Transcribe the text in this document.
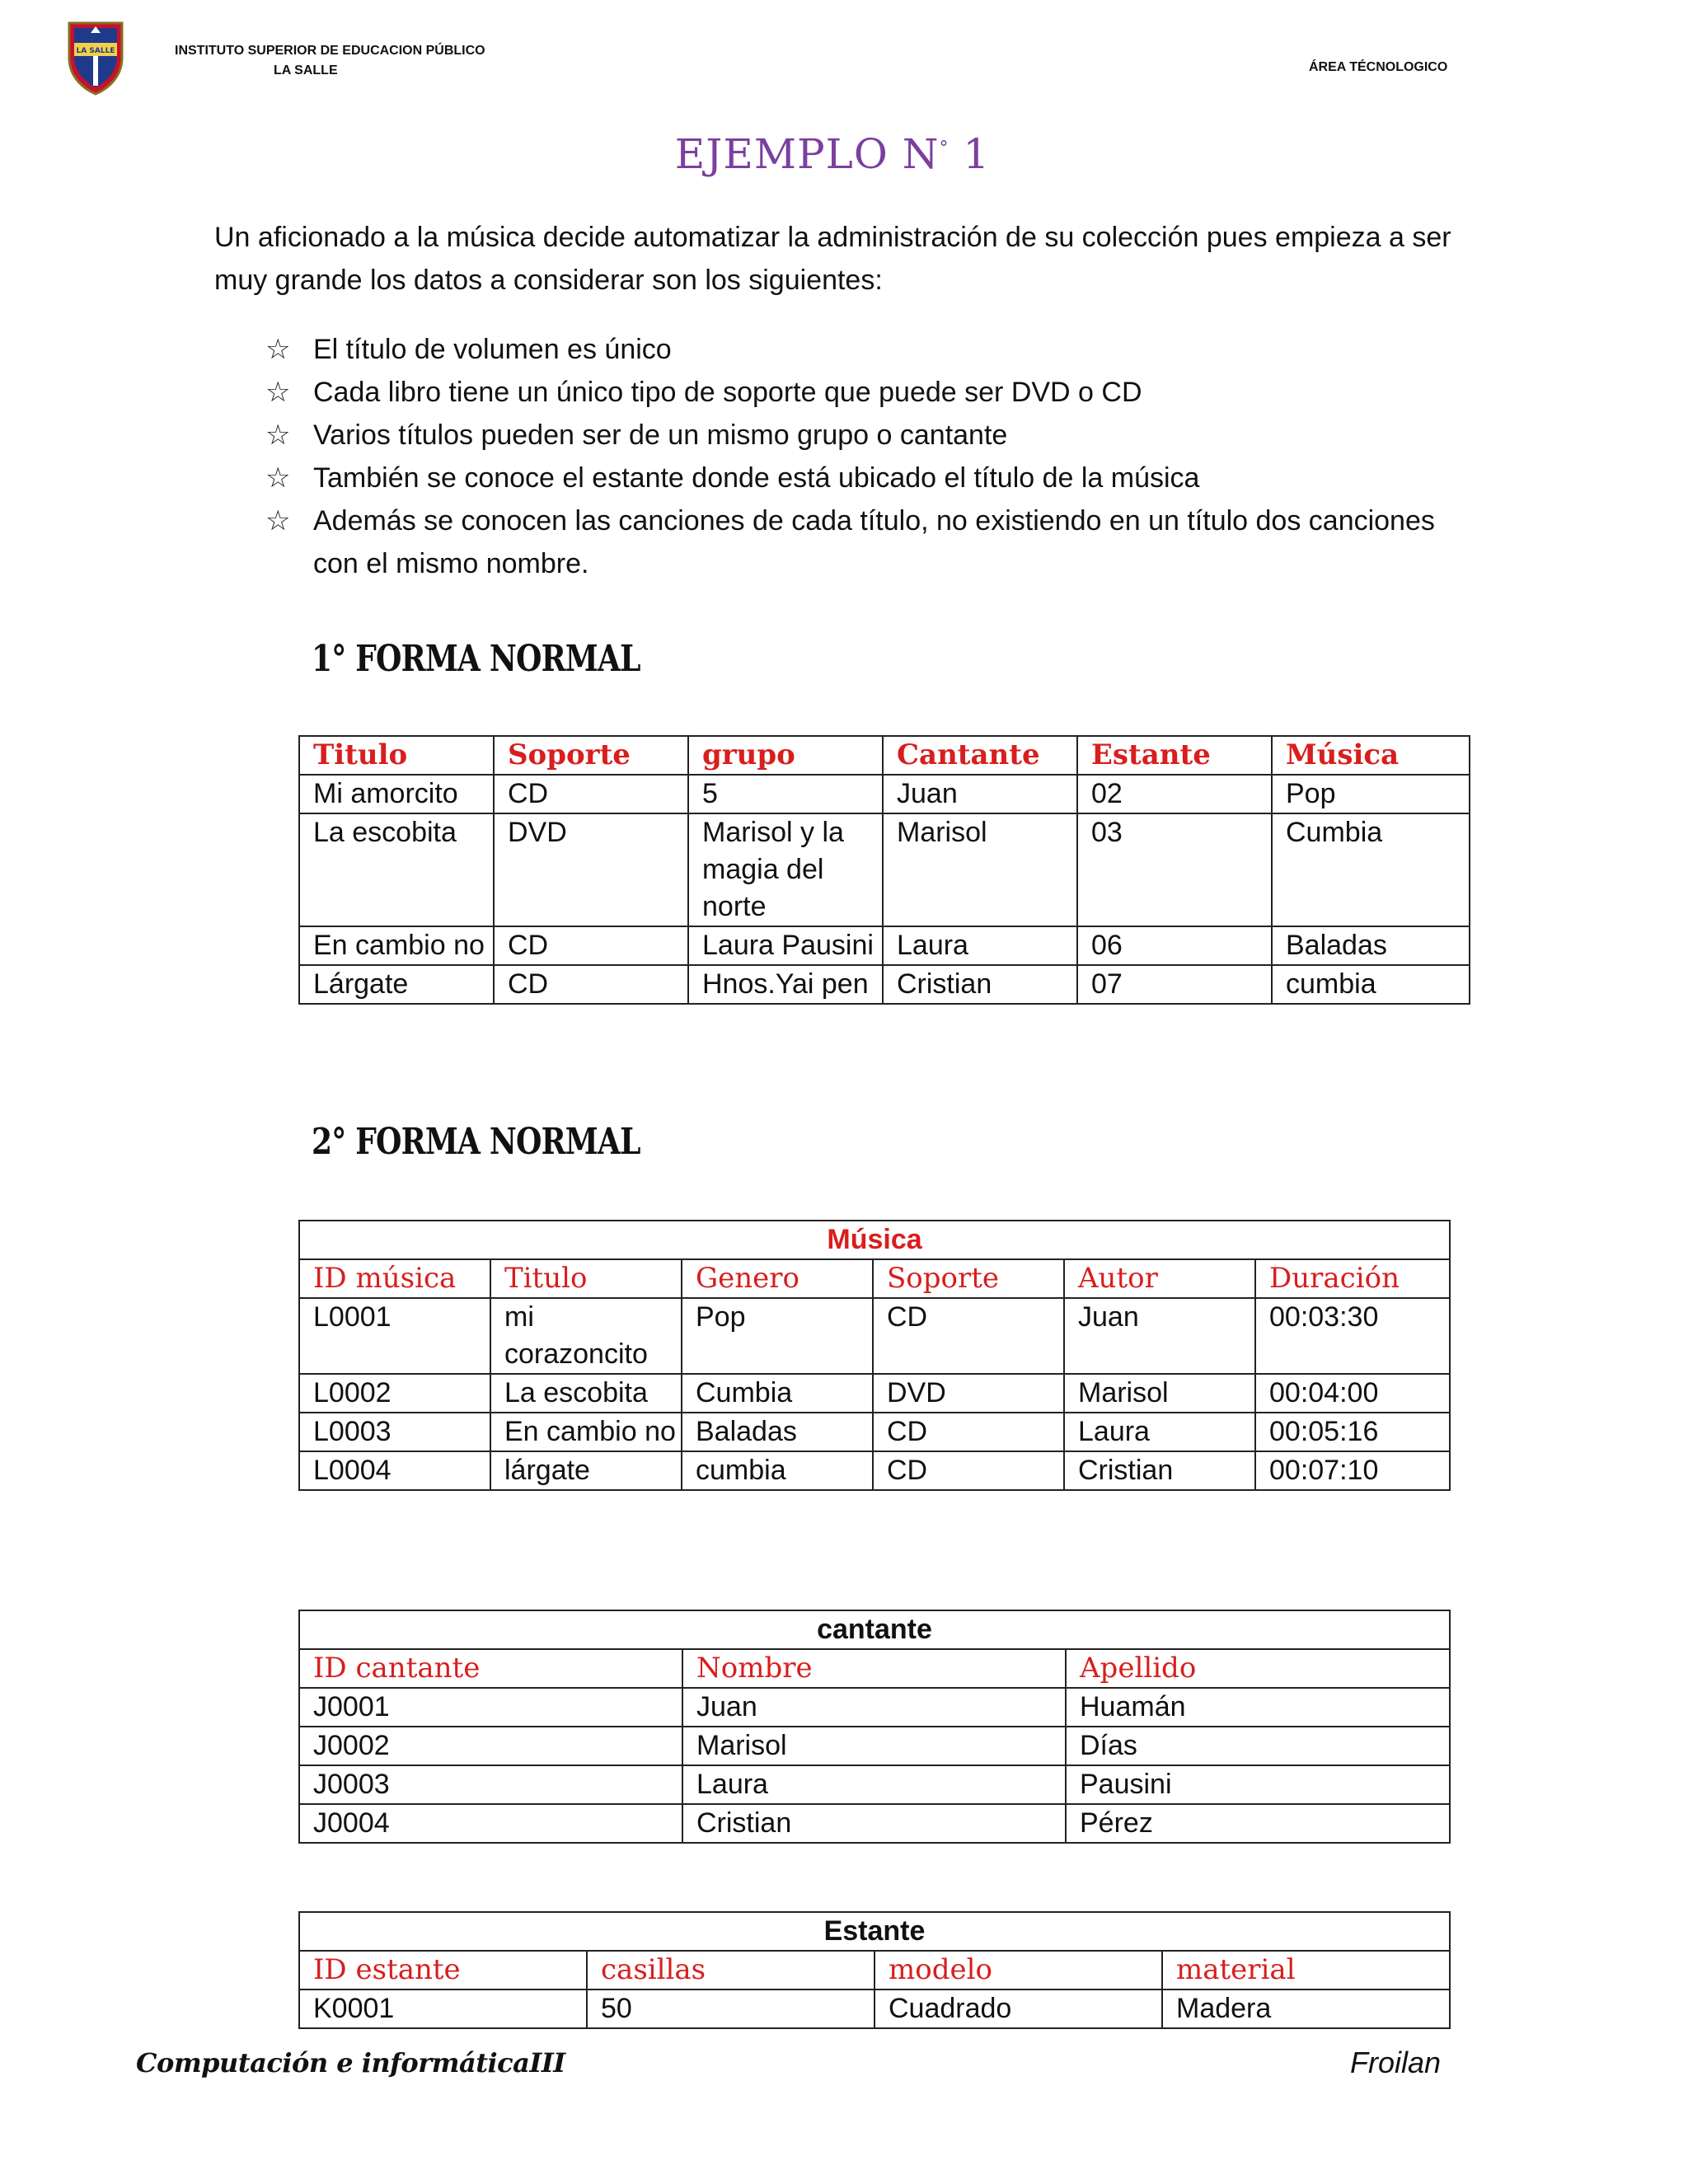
LA SALLE	INSTITUTO SUPERIOR DE EDUCACION PÚBLICO
LA SALLE	ÁREA TÉCNOLOGICO
EJEMPLO N° 1
Un aficionado a la música decide automatizar la administración de su colección pues empieza a ser muy grande los datos a considerar son los siguientes:
☆ El título de volumen es único
☆ Cada libro tiene un único tipo de soporte que puede ser DVD o CD
☆ Varios títulos pueden ser de un mismo grupo o cantante
☆ También se conoce el estante donde está ubicado el título de la música
☆ Además se conocen las canciones de cada título, no existiendo en un título dos canciones con el mismo nombre.
1° FORMA NORMAL
Titulo	Soporte	grupo	Cantante	Estante	Música
Mi amorcito	CD	5	Juan	02	Pop
La escobita	DVD	Marisol y la magia del norte	Marisol	03	Cumbia
En cambio no	CD	Laura Pausini	Laura	06	Baladas
Lárgate	CD	Hnos.Yai pen	Cristian	07	cumbia
2° FORMA NORMAL
Música					
ID música	Titulo	Genero	Soporte	Autor	Duración
L0001	mi corazoncito	Pop	CD	Juan	00:03:30
L0002	La escobita	Cumbia	DVD	Marisol	00:04:00
L0003	En cambio no	Baladas	CD	Laura	00:05:16
L0004	lárgate	cumbia	CD	Cristian	00:07:10
cantante		
ID cantante	Nombre	Apellido
J0001	Juan	Huamán
J0002	Marisol	Días
J0003	Laura	Pausini
J0004	Cristian	Pérez
Estante			
ID estante	casillas	modelo	material
K0001	50	Cuadrado	Madera
Computación e informáticaIII	Froilan
